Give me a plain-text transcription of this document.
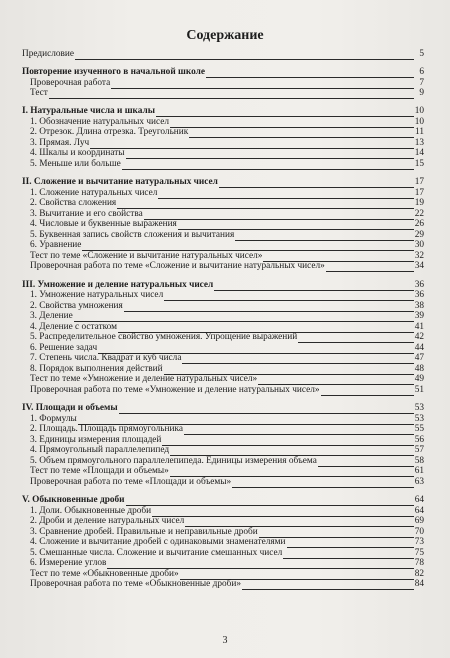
Содержание
Предисловие	5
Повторение изученного в начальной школе	6
Проверочная работа	7
Тест	9
I. Натуральные числа и шкалы	10
1. Обозначение натуральных чисел	10
2. Отрезок. Длина отрезка. Треугольник	11
3. Прямая. Луч	13
4. Шкалы и координаты	14
5. Меньше или больше	15
II. Сложение и вычитание натуральных чисел	17
1. Сложение натуральных чисел	17
2. Свойства сложения	19
3. Вычитание и его свойства	22
4. Числовые и буквенные выражения	26
5. Буквенная запись свойств сложения и вычитания	29
6. Уравнение	30
Тест по теме «Сложение и вычитание натуральных чисел»	32
Проверочная работа по теме «Сложение и вычитание натуральных чисел»	34
III. Умножение и деление натуральных чисел	36
1. Умножение натуральных чисел	36
2. Свойства умножения	38
3. Деление	39
4. Деление с остатком	41
5. Распределительное свойство умножения. Упрощение выражений	42
6. Решение задач	44
7. Степень числа. Квадрат и куб числа	47
8. Порядок выполнения действий	48
Тест по теме «Умножение и деление натуральных чисел»	49
Проверочная работа по теме «Умножение и деление натуральных чисел»	51
IV. Площади и объемы	53
1. Формулы	53
2. Площадь. Площадь прямоугольника	55
3. Единицы измерения площадей	56
4. Прямоугольный параллелепипед	57
5. Объем прямоугольного параллелепипеда. Единицы измерения объема	58
Тест по теме «Площади и объемы»	61
Проверочная работа по теме «Площади и объемы»	63
V. Обыкновенные дроби	64
1. Доли. Обыкновенные дроби	64
2. Дроби и деление натуральных чисел	69
3. Сравнение дробей. Правильные и неправильные дроби	70
4. Сложение и вычитание дробей с одинаковыми знаменателями	73
5. Смешанные числа. Сложение и вычитание смешанных чисел	75
6. Измерение углов	78
Тест по теме «Обыкновенные дроби»	82
Проверочная работа по теме «Обыкновенные дроби»	84
3
